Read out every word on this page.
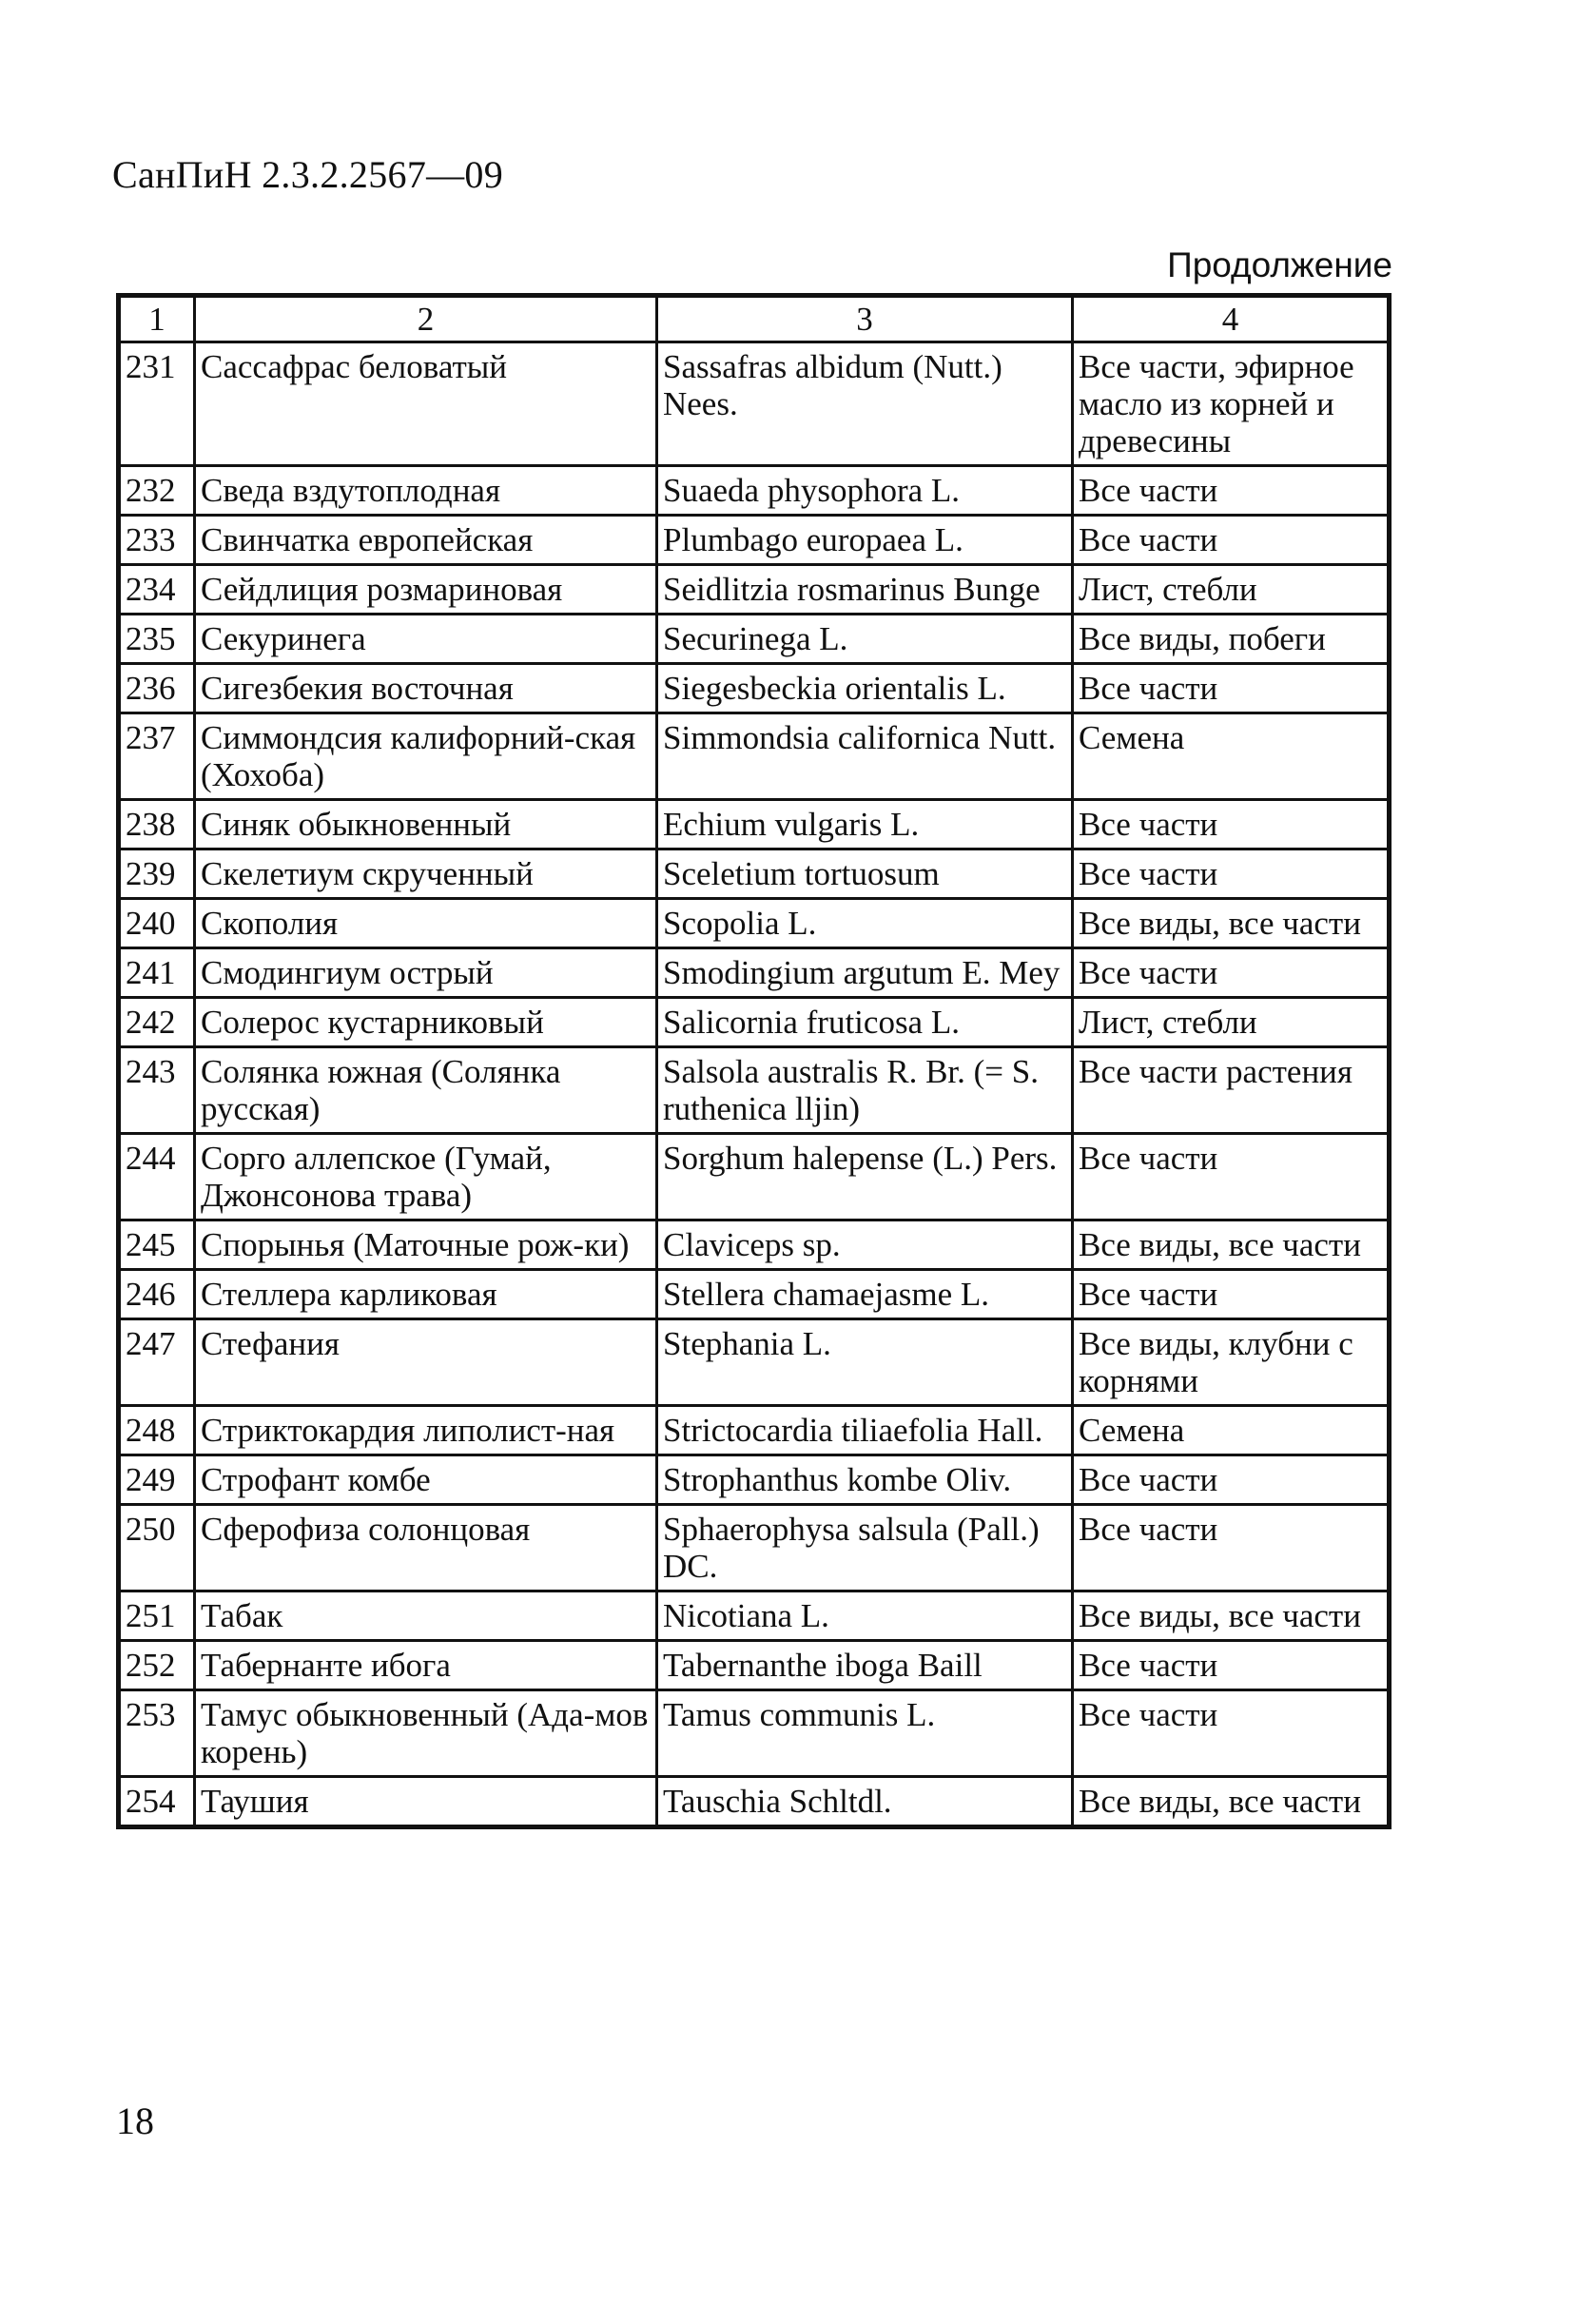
СанПиН 2.3.2.2567—09
Продолжение
1	2	3	4
231	Сассафрас беловатый	Sassafras albidum (Nutt.) Nees.	Все части, эфирное масло из корней и древесины
232	Сведа вздутоплодная	Suaeda physophora L.	Все части
233	Свинчатка европейская	Plumbago europaea L.	Все части
234	Сейдлиция розмариновая	Seidlitzia rosmarinus Bunge	Лист, стебли
235	Секуринега	Securinega L.	Все виды, побеги
236	Сигезбекия восточная	Siegesbeckia orientalis L.	Все части
237	Симмондсия калифорний-ская (Хохоба)	Simmondsia californica Nutt.	Семена
238	Синяк обыкновенный	Echium vulgaris L.	Все части
239	Скелетиум скрученный	Sceletium tortuosum	Все части
240	Скополия	Scopolia L.	Все виды, все части
241	Смодингиум острый	Smodingium argutum E. Mey	Все части
242	Солерос кустарниковый	Salicornia fruticosa L.	Лист, стебли
243	Солянка южная (Солянка русская)	Salsola australis R. Br. (= S. ruthenica lljin)	Все части растения
244	Сорго аллепское (Гумай, Джонсонова трава)	Sorghum halepense (L.) Pers.	Все части
245	Спорынья (Маточные рож-ки)	Claviceps sp.	Все виды, все части
246	Стеллера карликовая	Stellera chamaejasme L.	Все части
247	Стефания	Stephania L.	Все виды, клубни с корнями
248	Стриктокардия липолист-ная	Strictocardia tiliaefolia Hall.	Семена
249	Строфант комбе	Strophanthus kombe Oliv.	Все части
250	Сферофиза солонцовая	Sphaerophysa salsula (Pall.) DC.	Все части
251	Табак	Nicotiana L.	Все виды, все части
252	Табернанте ибога	Tabernanthe iboga Baill	Все части
253	Тамус обыкновенный (Ада-мов корень)	Tamus communis L.	Все части
254	Таушия	Tauschia Schltdl.	Все виды, все части
18
